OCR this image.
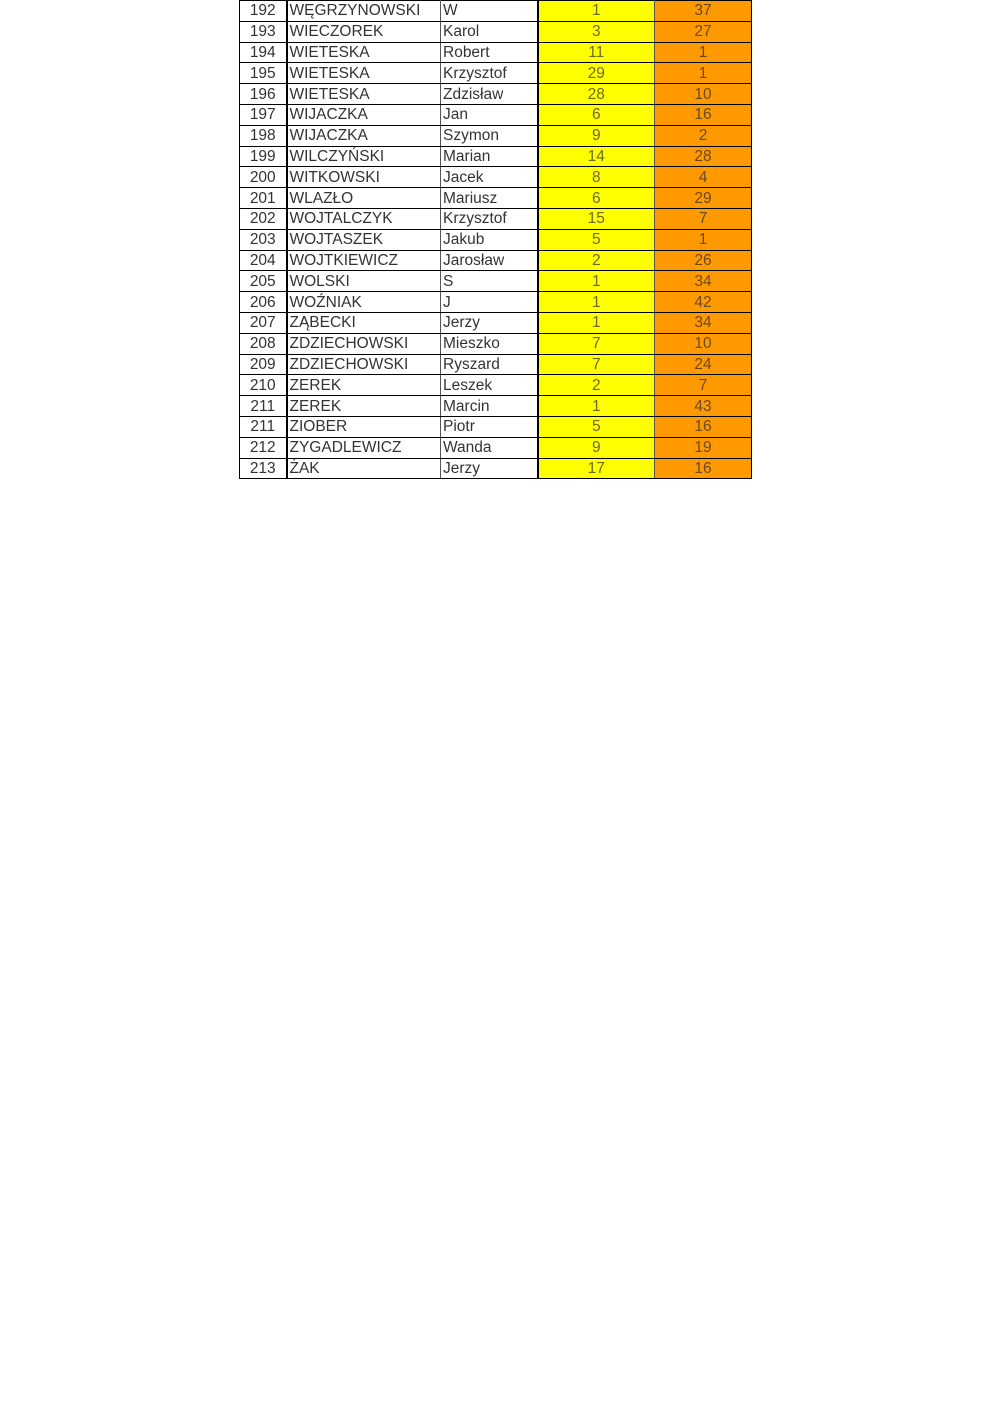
192	WĘGRZYNOWSKI	W	1	37
193	WIECZOREK	Karol	3	27
194	WIETESKA	Robert	11	1
195	WIETESKA	Krzysztof	29	1
196	WIETESKA	Zdzisław	28	10
197	WIJACZKA	Jan	6	16
198	WIJACZKA	Szymon	9	2
199	WILCZYŃSKI	Marian	14	28
200	WITKOWSKI	Jacek	8	4
201	WLAZŁO	Mariusz	6	29
202	WOJTALCZYK	Krzysztof	15	7
203	WOJTASZEK	Jakub	5	1
204	WOJTKIEWICZ	Jarosław	2	26
205	WOLSKI	S	1	34
206	WOŹNIAK	J	1	42
207	ZĄBECKI	Jerzy	1	34
208	ZDZIECHOWSKI	Mieszko	7	10
209	ZDZIECHOWSKI	Ryszard	7	24
210	ZEREK	Leszek	2	7
211	ZEREK	Marcin	1	43
211	ZIOBER	Piotr	5	16
212	ZYGADLEWICZ	Wanda	9	19
213	ŻAK	Jerzy	17	16
